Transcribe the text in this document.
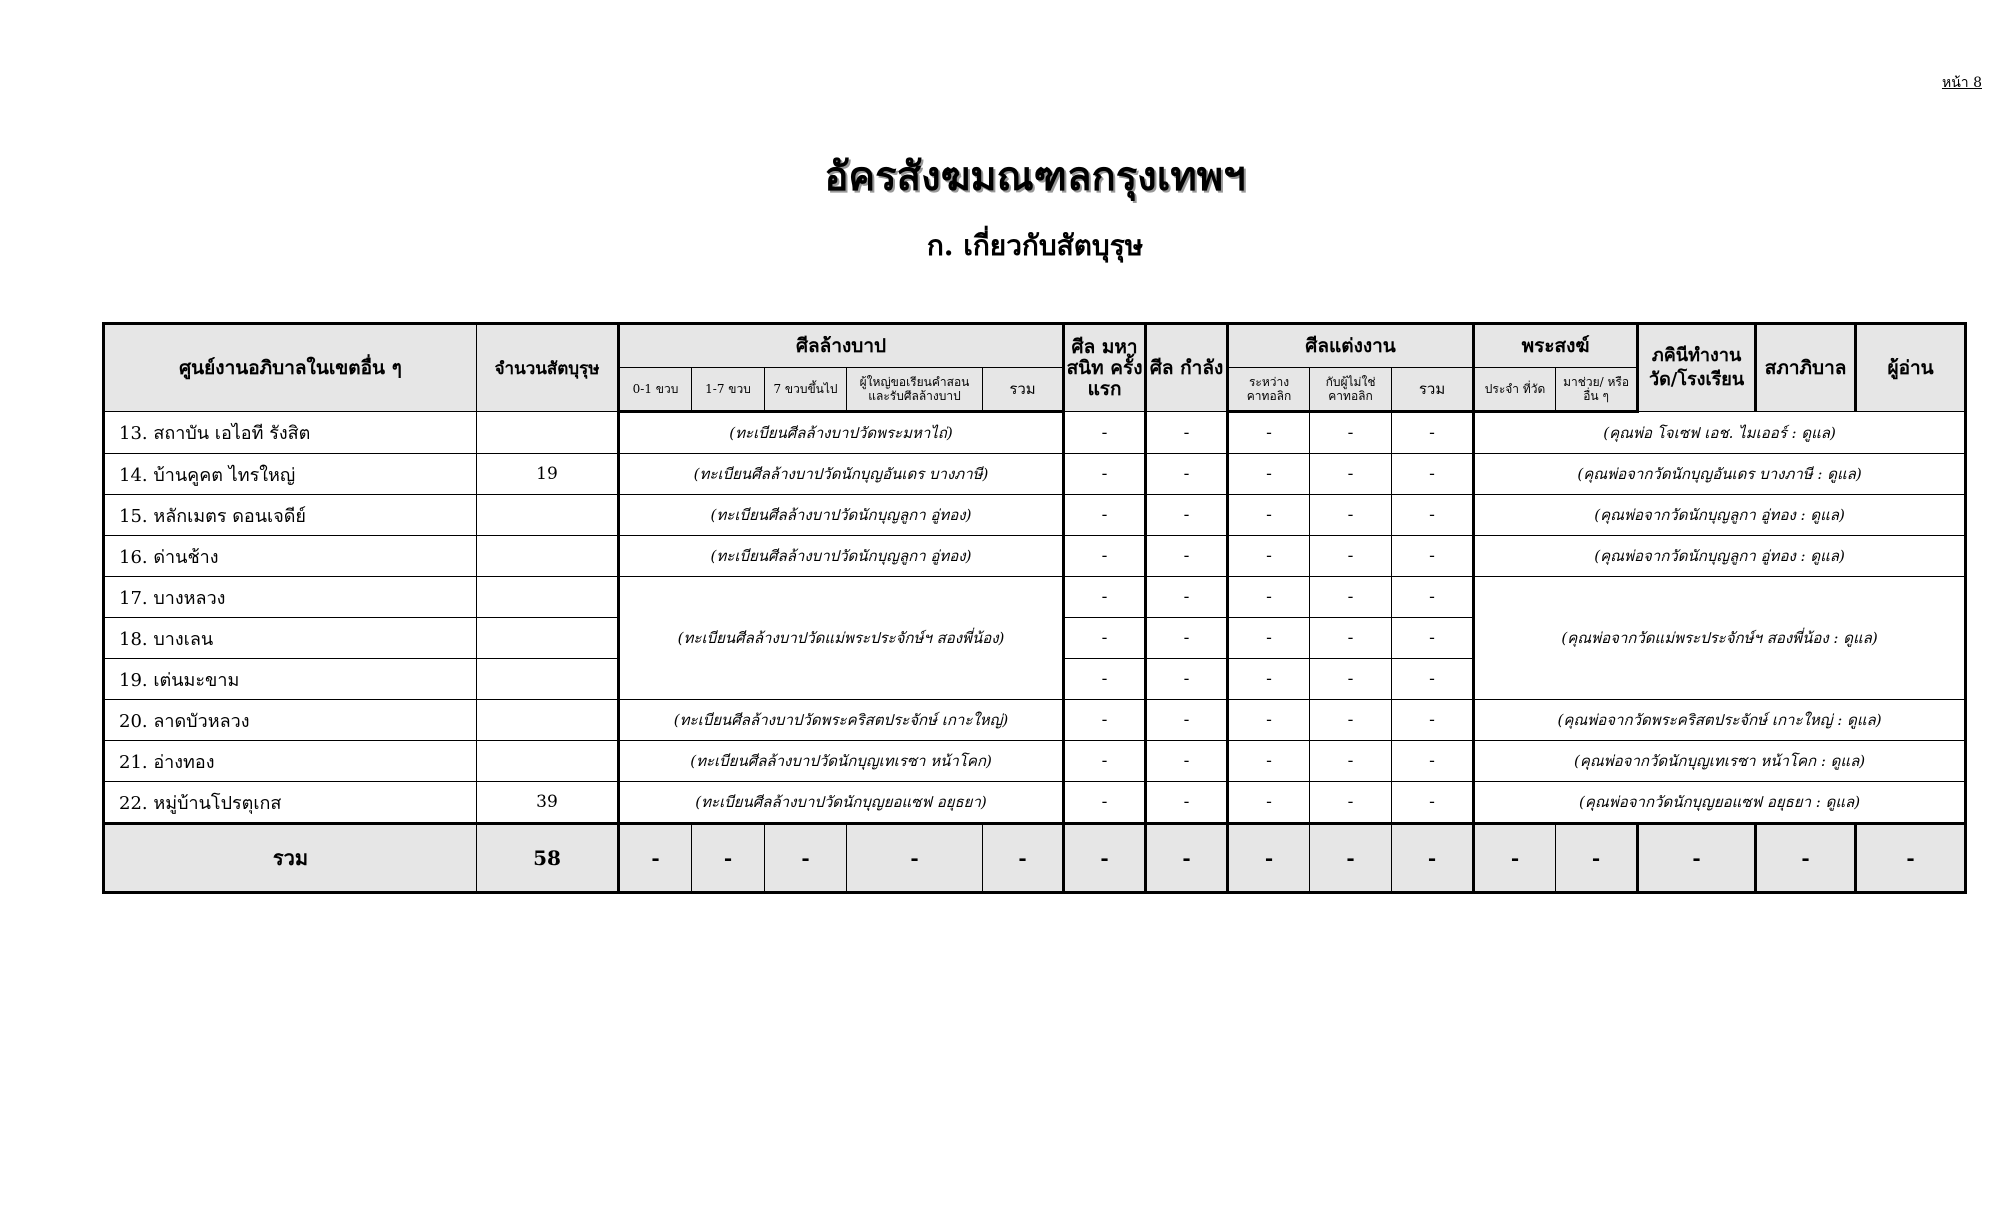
หน้า 8
อัครสังฆมณฑลกรุงเทพฯ
ก. เกี่ยวกับสัตบุรุษ
ศูนย์งานอภิบาลในเขตอื่น ๆ	จำนวนสัตบุรุษ	ศีลล้างบาป					ศีล มหาสนิท ครั้งแรก	ศีล กำลัง	ศีลแต่งงาน			พระสงฆ์		ภคินีทำงาน วัด/โรงเรียน	สภาภิบาล	ผู้อ่าน
		0-1 ขวบ	1-7 ขวบ	7 ขวบขึ้นไป	ผู้ใหญ่ขอเรียนคำสอน และรับศีลล้างบาป	รวม			ระหว่าง คาทอลิก	กับผู้ไม่ใช่ คาทอลิก	รวม	ประจำ ที่วัด	มาช่วย/ หรืออื่น ๆ			
13. สถาบัน เอไอที รังสิต		(ทะเบียนศีลล้างบาปวัดพระมหาไถ่)					-	-	-	-	-	(คุณพ่อ โจเซฟ เอช. ไมเออร์ : ดูแล)				
14. บ้านคูคต ไทรใหญ่	19	(ทะเบียนศีลล้างบาปวัดนักบุญอันเดร บางภาษี)					-	-	-	-	-	(คุณพ่อจากวัดนักบุญอันเดร บางภาษี : ดูแล)				
15. หลักเมตร ดอนเจดีย์		(ทะเบียนศีลล้างบาปวัดนักบุญลูกา อู่ทอง)					-	-	-	-	-	(คุณพ่อจากวัดนักบุญลูกา อู่ทอง : ดูแล)				
16. ด่านช้าง		(ทะเบียนศีลล้างบาปวัดนักบุญลูกา อู่ทอง)					-	-	-	-	-	(คุณพ่อจากวัดนักบุญลูกา อู่ทอง : ดูแล)				
17. บางหลวง		(ทะเบียนศีลล้างบาปวัดแม่พระประจักษ์ฯ สองพี่น้อง)					-	-	-	-	-	(คุณพ่อจากวัดแม่พระประจักษ์ฯ สองพี่น้อง : ดูแล)				
18. บางเลน							-	-	-	-	-					
19. เต่นมะขาม							-	-	-	-	-					
20. ลาดบัวหลวง		(ทะเบียนศีลล้างบาปวัดพระคริสตประจักษ์ เกาะใหญ่)					-	-	-	-	-	(คุณพ่อจากวัดพระคริสตประจักษ์ เกาะใหญ่ : ดูแล)				
21. อ่างทอง		(ทะเบียนศีลล้างบาปวัดนักบุญเทเรซา หน้าโคก)					-	-	-	-	-	(คุณพ่อจากวัดนักบุญเทเรซา หน้าโคก : ดูแล)				
22. หมู่บ้านโปรตุเกส	39	(ทะเบียนศีลล้างบาปวัดนักบุญยอแซฟ อยุธยา)					-	-	-	-	-	(คุณพ่อจากวัดนักบุญยอแซฟ อยุธยา : ดูแล)				
รวม	58	-	-	-	-	-	-	-	-	-	-	-	-	-	-	-
